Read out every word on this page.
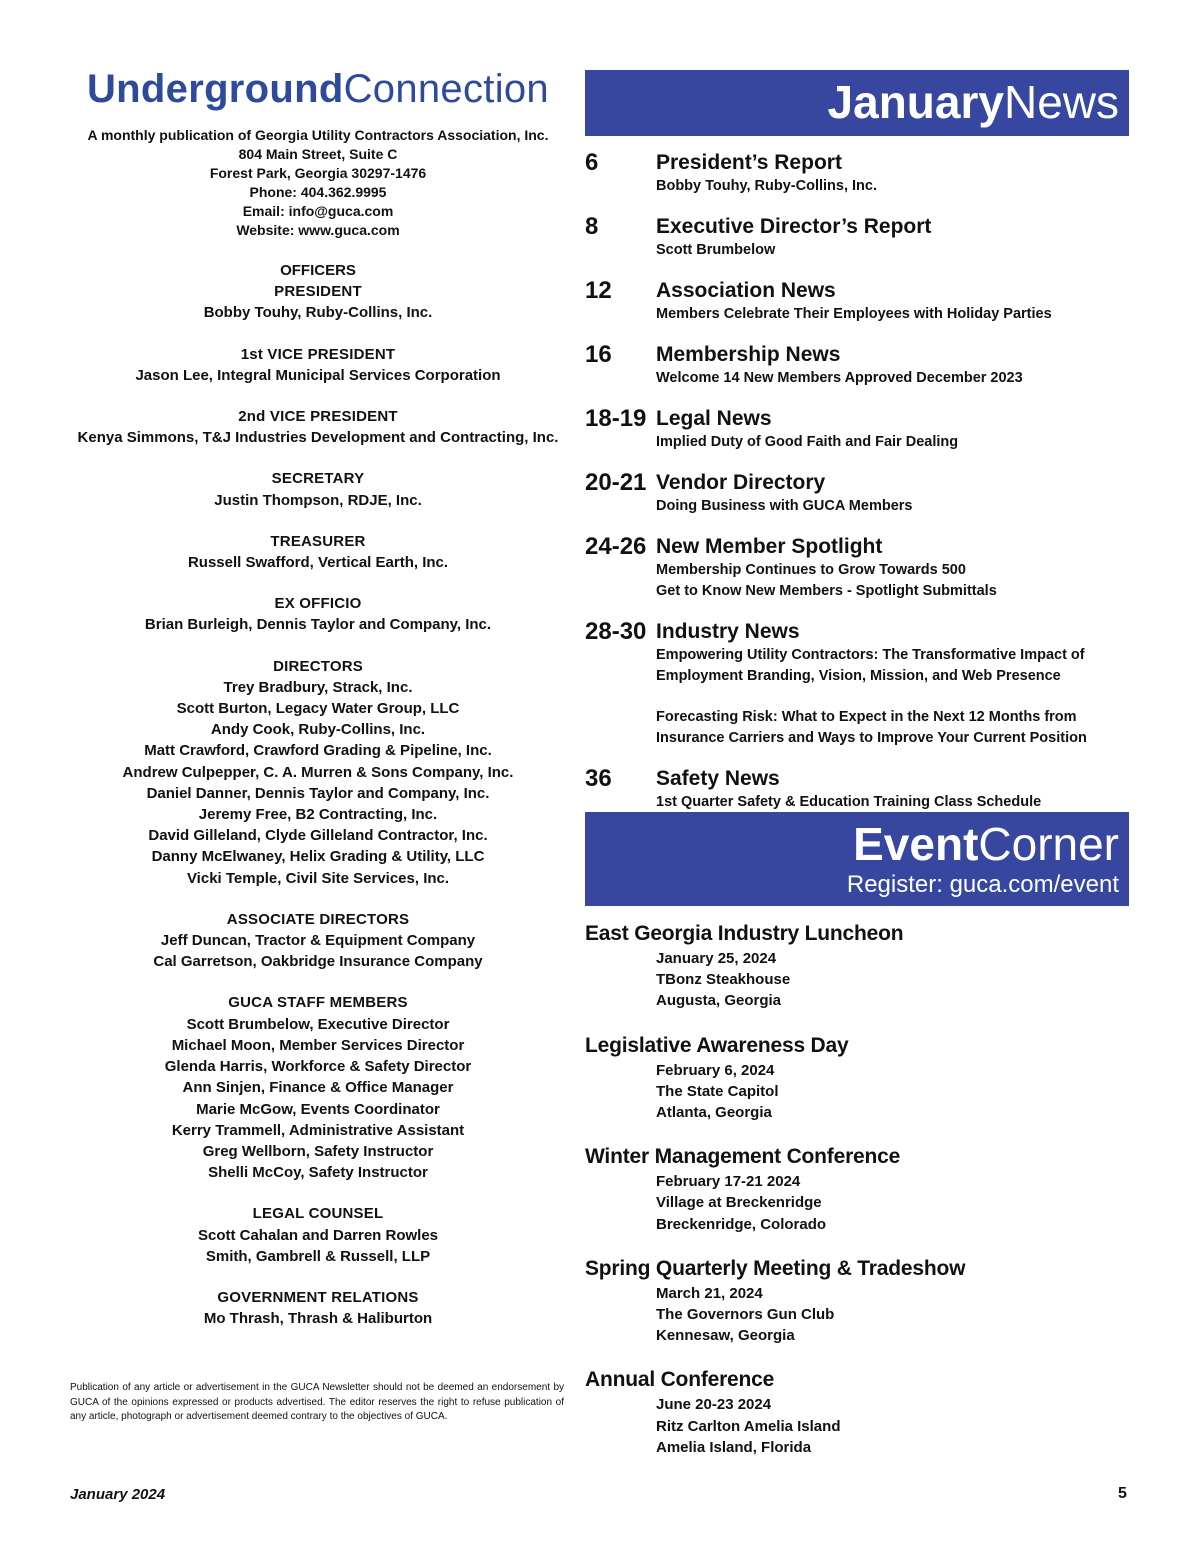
UndergroundConnection
A monthly publication of Georgia Utility Contractors Association, Inc.
804 Main Street, Suite C
Forest Park, Georgia 30297-1476
Phone: 404.362.9995
Email: info@guca.com
Website: www.guca.com
OFFICERS
PRESIDENT
Bobby Touhy, Ruby-Collins, Inc.
1st VICE PRESIDENT
Jason Lee, Integral Municipal Services Corporation
2nd VICE PRESIDENT
Kenya Simmons, T&J Industries Development and Contracting, Inc.
SECRETARY
Justin Thompson, RDJE, Inc.
TREASURER
Russell Swafford, Vertical Earth, Inc.
EX OFFICIO
Brian Burleigh, Dennis Taylor and Company, Inc.
DIRECTORS
Trey Bradbury, Strack, Inc.
Scott Burton, Legacy Water Group, LLC
Andy Cook, Ruby-Collins, Inc.
Matt Crawford, Crawford Grading & Pipeline, Inc.
Andrew Culpepper, C. A. Murren & Sons Company, Inc.
Daniel Danner, Dennis Taylor and Company, Inc.
Jeremy Free, B2 Contracting, Inc.
David Gilleland, Clyde Gilleland Contractor, Inc.
Danny McElwaney, Helix Grading & Utility, LLC
Vicki Temple, Civil Site Services, Inc.
ASSOCIATE DIRECTORS
Jeff Duncan, Tractor & Equipment Company
Cal Garretson, Oakbridge Insurance Company
GUCA STAFF MEMBERS
Scott Brumbelow, Executive Director
Michael Moon, Member Services Director
Glenda Harris, Workforce & Safety Director
Ann Sinjen, Finance & Office Manager
Marie McGow, Events Coordinator
Kerry Trammell, Administrative Assistant
Greg Wellborn, Safety Instructor
Shelli McCoy, Safety Instructor
LEGAL COUNSEL
Scott Cahalan and Darren Rowles
Smith, Gambrell & Russell, LLP
GOVERNMENT RELATIONS
Mo Thrash, Thrash & Haliburton
Publication of any article or advertisement in the GUCA Newsletter should not be deemed an endorsement by GUCA of the opinions expressed or products advertised. The editor reserves the right to refuse publication of any article, photograph or advertisement deemed contrary to the objectives of GUCA.
January 2024	5
JanuaryNews
6	President’s Report
Bobby Touhy, Ruby-Collins, Inc.
8	Executive Director’s Report
Scott Brumbelow
12	Association News
Members Celebrate Their Employees with Holiday Parties
16	Membership News
Welcome 14 New Members Approved December 2023
18-19 Legal News
Implied Duty of Good Faith and Fair Dealing
20-21 Vendor Directory
Doing Business with GUCA Members
24-26 New Member Spotlight
Membership Continues to Grow Towards 500
Get to Know New Members - Spotlight Submittals
28-30 Industry News
Empowering Utility Contractors: The Transformative Impact of
Employment Branding, Vision, Mission, and Web Presence
Forecasting Risk: What to Expect in the Next 12 Months from
Insurance Carriers and Ways to Improve Your Current Position
36	Safety News
1st Quarter Safety & Education Training Class Schedule
EventCorner
Register: guca.com/event
East Georgia Industry Luncheon
January 25, 2024
TBonz Steakhouse
Augusta, Georgia
Legislative Awareness Day
February 6, 2024
The State Capitol
Atlanta, Georgia
Winter Management Conference
February 17-21 2024
Village at Breckenridge
Breckenridge, Colorado
Spring Quarterly Meeting & Tradeshow
March 21, 2024
The Governors Gun Club
Kennesaw, Georgia
Annual Conference
June 20-23 2024
Ritz Carlton Amelia Island
Amelia Island, Florida
